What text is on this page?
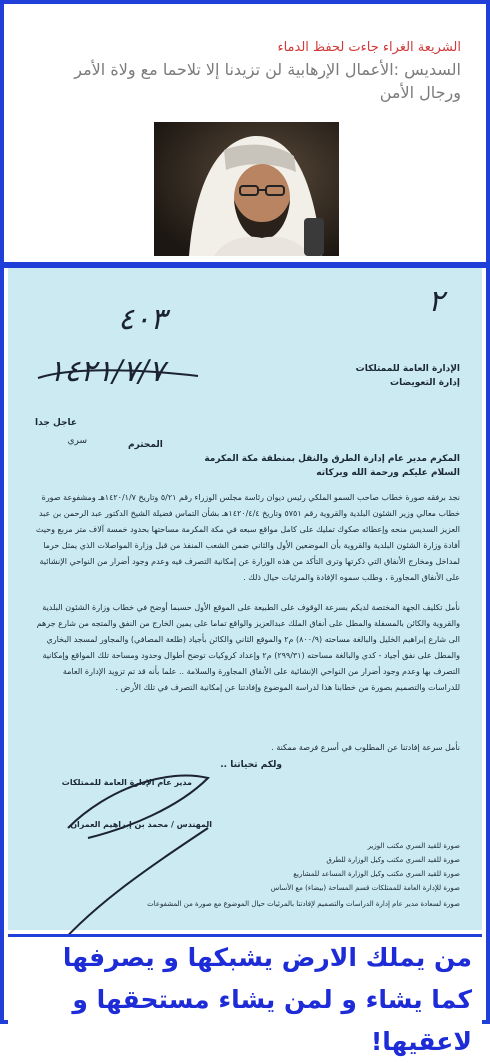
الشريعة الغراء جاءت لحفظ الدماء
السديس :الأعمال الإرهابية لن تزيدنا إلا تلاحما مع ولاة الأمر ورجال الأمن
٤٠٣
٢
١٤٢١/٧/٧	الإدارة العامة للممتلكات
إدارة التعويضات
عاجل جدا
سري
المكرم مدير عام إدارة الطرق والنقل بمنطقة مكة المكرمة
المحترم
السلام عليكم ورحمة الله وبركاته
نجد برفقه صورة خطاب صاحب السمو الملكي رئيس ديوان رئاسة مجلس الوزراء رقم ٥/٢١ وتاريخ ١٤٢٠/١/٧هـ ومشفوعة صورة خطاب معالي وزير الشئون البلدية والقروية رقم ٥٧٥١ وتاريخ ١٤٢٠/٤/٤هـ بشأن التماس فضيلة الشيخ الدكتور عبد الرحمن بن عبد العزيز السديس منحه وإعطائه صكوك تمليك على كامل مواقع سبعه في مكة المكرمة مساحتها بحدود خمسة آلاف متر مربع وحيث أفادة وزارة الشئون البلدية والقروية بأن الموضعين الأول والثاني ضمن الشعب المنفذ من قبل وزارة المواصلات الذي يمثل حرما لمداخل ومخارج الأنفاق التي ذكرتها وترى التأكد من هذه الوزارة عن إمكانية التصرف فيه وعدم وجود أضرار من النواحي الإنشائية على الأنفاق المجاورة ، وطلب سموه الإفادة والمرئيات حيال ذلك .
نأمل تكليف الجهة المختصة لديكم بسرعة الوقوف على الطبيعة على الموقع الأول حسبما أوضح في خطاب وزارة الشئون البلدية والقروية والكائن بالمسفلة والمطل على أنفاق الملك عبدالعزيز والواقع تماما على يمين الخارج من النفق والمتجه من شارع جرهم الى شارع إبراهيم الخليل والبالغة مساحته (٨٠٠/٩) م٢ والموقع الثاني والكائن بأجياد (طلعة المصافي) والمجاور لمسجد البخاري والمطل على نفق أجياد - كدي والبالغة مساحته (٢٩٩/٣١) م٢ وإعداد كروكيات توضح أطوال وحدود ومساحة تلك المواقع وإمكانية التصرف بها وعدم وجود أضرار من النواحي الإنشائية على الأنفاق المجاورة والسلامة .. علما بأنه قد تم تزويد الإدارة العامة للدراسات والتصميم بصورة من خطابنا هذا لدراسة الموضوع وإفادتنا عن إمكانية التصرف في تلك الأرض .
نأمل سرعة إفادتنا عن المطلوب في أسرع فرصة ممكنة .
ولكم تحياتنا ..
مدير عام الإدارة العامة للممتلكات
المهندس / محمد بن إبراهيم العمران
صورة للقيد السري مكتب الوزير
صورة للقيد السري مكتب وكيل الوزارة للطرق
صورة للقيد السري مكتب وكيل الوزارة المساعد للمشاريع
صورة للإدارة العامة للممتلكات قسم المساحة (بيضاء) مع الأساس
صورة لسعادة مدير عام إدارة الدراسات والتصميم لإفادتنا بالمرئيات حيال الموضوع مع صورة من المشفوعات
من يملك الارض يشبكها و يصرفها كما يشاء و لمن يشاء مستحقها و لاعقيها!
